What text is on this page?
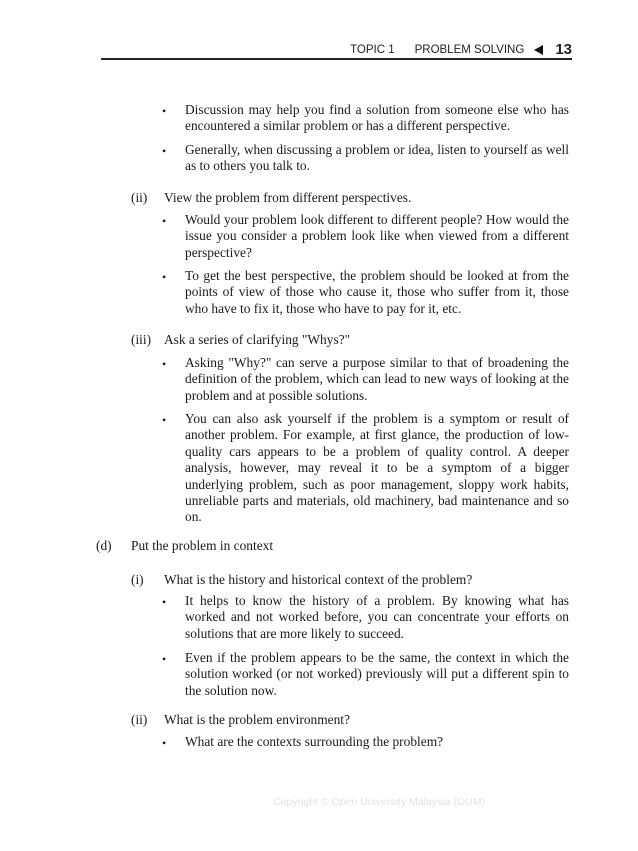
TOPIC 1 PROBLEM SOLVING 13
• Discussion may help you find a solution from someone else who has encountered a similar problem or has a different perspective.

• Generally, when discussing a problem or idea, listen to yourself as well as to others you talk to.

(ii) View the problem from different perspectives.

• Would your problem look different to different people? How would the issue you consider a problem look like when viewed from a different perspective?

• To get the best perspective, the problem should be looked at from the points of view of those who cause it, those who suffer from it, those who have to fix it, those who have to pay for it, etc.

(iii) Ask a series of clarifying "Whys?"

• Asking "Why?" can serve a purpose similar to that of broadening the definition of the problem, which can lead to new ways of looking at the problem and at possible solutions.

• You can also ask yourself if the problem is a symptom or result of another problem. For example, at first glance, the production of low-quality cars appears to be a problem of quality control. A deeper analysis, however, may reveal it to be a symptom of a bigger underlying problem, such as poor management, sloppy work habits, unreliable parts and materials, old machinery, bad maintenance and so on.

(d) Put the problem in context

(i) What is the history and historical context of the problem?

• It helps to know the history of a problem. By knowing what has worked and not worked before, you can concentrate your efforts on solutions that are more likely to succeed.

• Even if the problem appears to be the same, the context in which the solution worked (or not worked) previously will put a different spin to the solution now.

(ii) What is the problem environment?

• What are the contexts surrounding the problem?

Copyright © Open University Malaysia (OUM)
